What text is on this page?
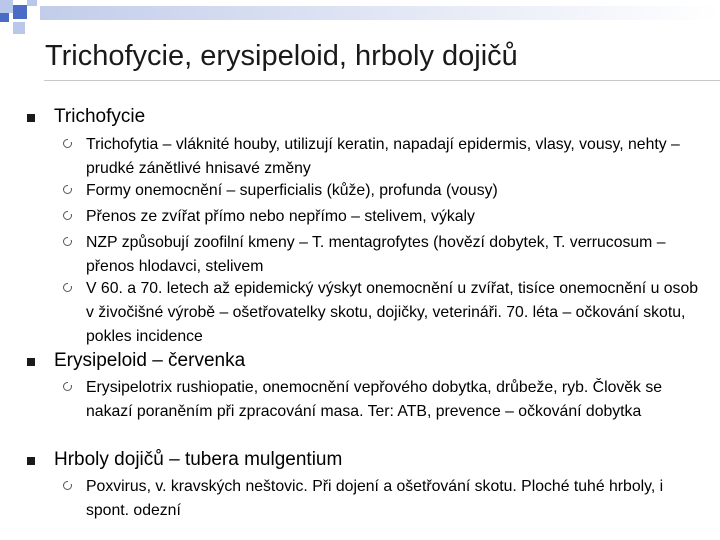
Trichofycie, erysipeloid, hrboly dojičů
Trichofycie
Trichofytia – vláknité houby, utilizují keratin, napadají epidermis, vlasy, vousy, nehty – prudké zánětlivé hnisavé změny
Formy onemocnění – superficialis (kůže), profunda (vousy)
Přenos ze zvířat přímo nebo nepřímo – stelivem, výkaly
NZP způsobují zoofilní kmeny – T. mentagrofytes (hovězí dobytek, T. verrucosum –přenos hlodavci, stelivem
V 60. a 70. letech až epidemický výskyt onemocnění u zvířat, tisíce onemocnění u osob v živočišné výrobě – ošetřovatelky skotu, dojičky, veterináři. 70. léta – očkování skotu, pokles incidence
Erysipeloid – červenka
Erysipelotrix rushiopatie, onemocnění vepřového dobytka, drůbeže, ryb. Člověk se nakazí poraněním při zpracování masa. Ter: ATB, prevence – očkování dobytka
Hrboly dojičů – tubera mulgentium
Poxvirus, v. kravských neštovic. Při dojení a ošetřování skotu. Ploché tuhé hrboly, i spont. odezní
